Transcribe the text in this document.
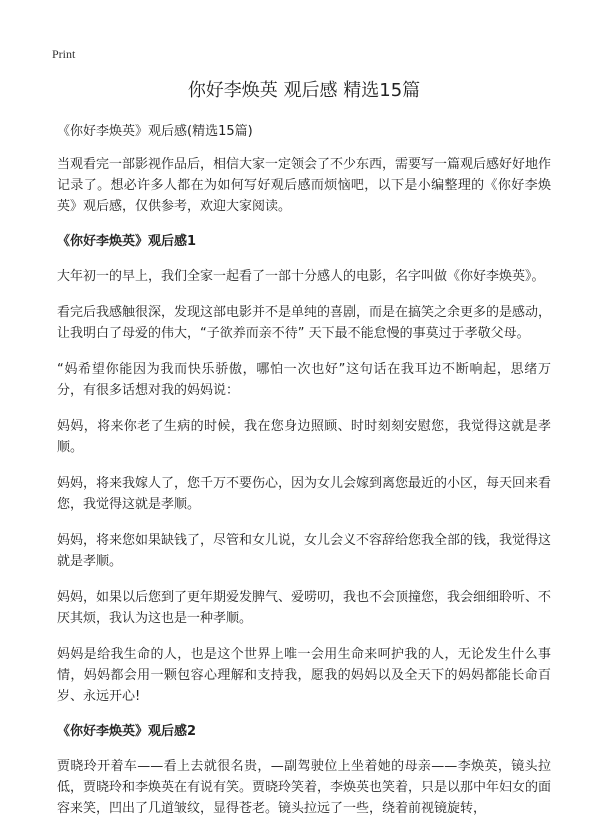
Print
你好李焕英 观后感 精选15篇
《你好李焕英》观后感(精选15篇)

当观看完一部影视作品后，相信大家一定领会了不少东西，需要写一篇观后感好好地作记录了。想必许多人都在为如何写好观后感而烦恼吧，以下是小编整理的《你好李焕英》观后感，仅供参考，欢迎大家阅读。

《你好李焕英》观后感1

大年初一的早上，我们全家一起看了一部十分感人的电影，名字叫做《你好李焕英》。

看完后我感触很深，发现这部电影并不是单纯的喜剧，而是在搞笑之余更多的是感动，让我明白了母爱的伟大，“子欲养而亲不待” 天下最不能怠慢的事莫过于孝敬父母。

“妈希望你能因为我而快乐骄傲，哪怕一次也好”这句话在我耳边不断响起，思绪万分，有很多话想对我的妈妈说：

妈妈，将来你老了生病的时候，我在您身边照顾、时时刻刻安慰您，我觉得这就是孝顺。

妈妈，将来我嫁人了，您千万不要伤心，因为女儿会嫁到离您最近的小区，每天回来看您，我觉得这就是孝顺。

妈妈，将来您如果缺钱了，尽管和女儿说，女儿会义不容辞给您我全部的钱，我觉得这就是孝顺。

妈妈，如果以后您到了更年期爱发脾气、爱唠叨，我也不会顶撞您，我会细细聆听、不厌其烦，我认为这也是一种孝顺。

妈妈是给我生命的人，也是这个世界上唯一会用生命来呵护我的人，无论发生什么事情，妈妈都会用一颗包容心理解和支持我，愿我的妈妈以及全天下的妈妈都能长命百岁、永远开心!

《你好李焕英》观后感2

贾晓玲开着车——看上去就很名贵，—副驾驶位上坐着她的母亲——李焕英，镜头拉低，贾晓玲和李焕英在有说有笑。贾晓玲笑着，李焕英也笑着，只是以那中年妇女的面容来笑，凹出了几道皱纹，显得苍老。镜头拉远了一些，绕着前视镜旋转，
